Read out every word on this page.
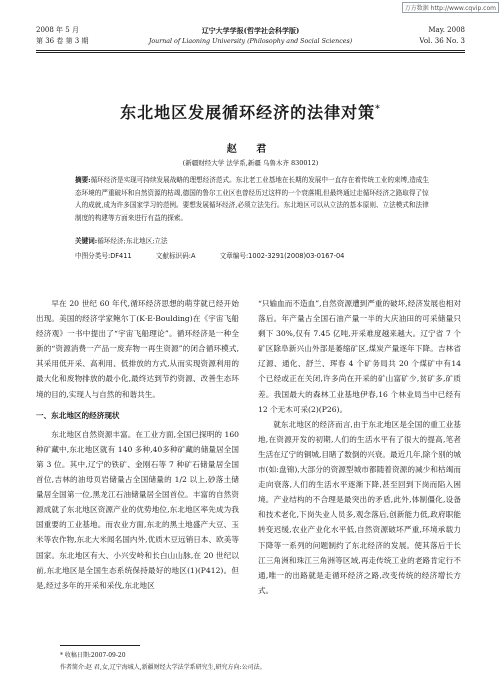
万方数据 http://www.cqvip.com
2008 年 5 月
第 36 卷 第 3 期
辽宁大学学报(哲学社会科学版)
Journal of Liaoning University (Philosophy and Social Sciences)
May. 2008
Vol. 36 No. 3
东北地区发展循环经济的法律对策*
赵 君
(新疆财经大学 法学系,新疆 乌鲁木齐 830012)
摘要:循环经济是实现可持续发展战略的理想经济范式。东北老工业基地在长期的发展中一直存在着传统工业的束缚,造成生态环境的严重破坏和自然资源的枯竭,德国的鲁尔工业区也曾经历过这样的一个衰落期,但最终通过走循环经济之路取得了惊人的成就,成为许多国家学习的范例。要想发展循环经济,必须立法先行。东北地区可以从立法的基本原则、立法模式和法律制度的构建等方面来进行有益的探索。
关键词:循环经济;东北地区;立法
中图分类号:DF411	文献标识码:A	文章编号:1002-3291(2008)03-0167-04

早在 20 世纪 60 年代,循环经济思想的萌芽就已经开始出现。美国的经济学家鲍尔丁(K·E·Boulding)在《宇宙飞船经济观》一书中提出了“宇宙飞船理论”。循环经济是一种全新的“资源消费一产品一废弃物一再生资源”的闭合循环模式,其采用低开采、高利用、低排放的方式,从而实现资源利用的最大化和废物排放的最小化,最终达到节约资源、改善生态环境的目的,实现人与自然的和谐共生。

一、东北地区的经济现状

东北地区自然资源丰富。在工业方面,全国已探明的 160 种矿藏中,东北地区就有 140 多种,40多种矿藏的储量居全国第 3 位。其中,辽宁的铁矿、金刚石等 7 种矿石储量居全国首位,吉林的油母页岩储量占全国储量的 1/2 以上,砂落土储量居全国第一位,黑龙江石油储量居全国首位。丰富的自然资源成就了东北地区资源产业的优势地位,东北地区率先成为我国重要的工业基地。而农业方面,东北的黑土地盛产大豆、玉米等农作物,东北大米闻名国内外,优质木豆远销日本、欧美等国家。东北地区有大、小兴安岭和长白山山脉,在 20 世纪以前,东北地区是全国生态系统保持最好的地区(1)(P412)。但是,经过多年的开采和采伐,东北地区

“只输血而不造血”,自然资源遭到严重的破坏,经济发展也相对落后。年产量占全国石油产量一半的大庆油田的可采储量只剩下 30%,仅有 7.45 亿吨,开采难度越来越大。辽宁省 7 个矿区除阜新兴山外部是萎缩矿区,煤炭产量逐年下降。吉林省辽源、通化、舒兰、珲春 4 个矿务局共 20 个煤矿中有14 个已经或正在关闭,许多尚在开采的矿山富矿少,贫矿多,矿质差。我国最大的森林工业基地伊春,16 个林业局当中已经有 12 个无木可采(2)(P26)。

就东北地区的经济而言,由于东北地区是全国的重工业基地,在资源开发的初期,人们的生活水平有了很大的提高,笔者生活在辽宁的铜城,目睹了数倒的兴衰。最近几年,除个别的城市(如:盘锦),大部分的资源型城市都随着资源的减少和枯竭而走向衰落,人们的生活水平逐渐下降,甚至回到下岗而陷入困境。产业结构的不合理是最突出的矛盾,此外,体制僵化,设备和技术老化,下岗失业人员多,观念落后,创新能力低,政府职能转变迟缓,农业产业化水平低,自然资源破坏严重,环境承载力下降等一系列的问题制约了东北经济的发展。使其落后于长江三角洲和珠江三角洲等区域,再走传统工业的老路肯定行不通,唯一的出路就是走循环经济之路,改变传统的经济增长方式。

* 收稿日期:2007-09-20
作者简介:赵 君,女,辽宁海城人,新疆财经大学法学系研究生,研究方向:公司法。
